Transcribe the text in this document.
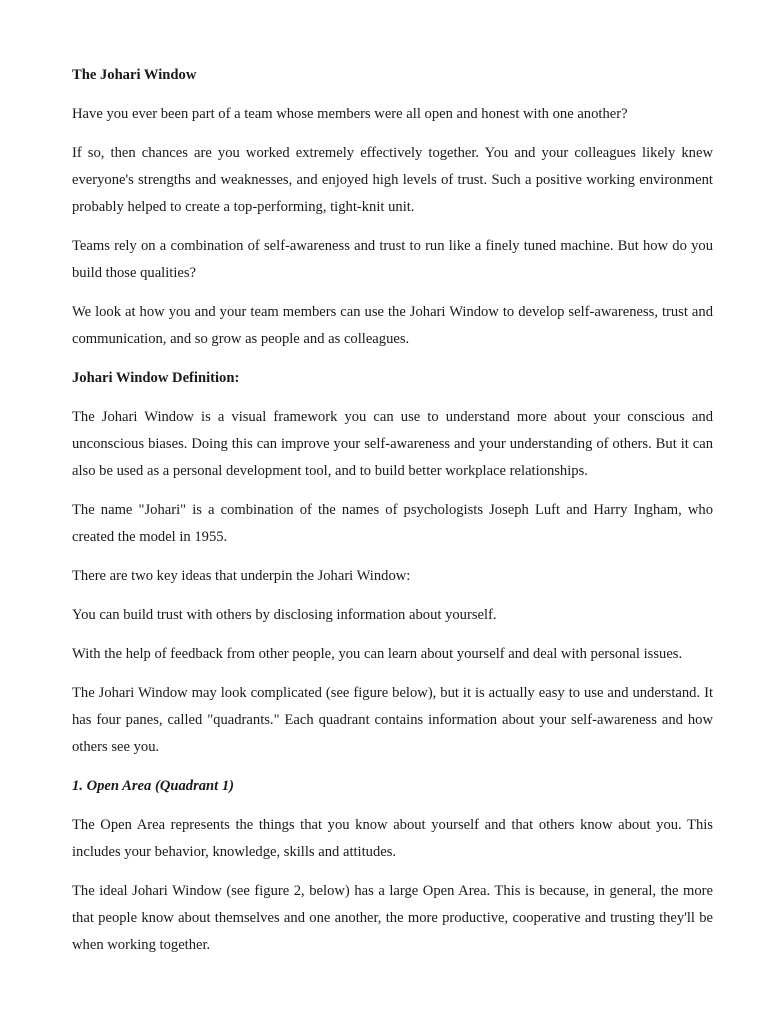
The Johari Window

Have you ever been part of a team whose members were all open and honest with one another?

If so, then chances are you worked extremely effectively together. You and your colleagues likely knew everyone's strengths and weaknesses, and enjoyed high levels of trust. Such a positive working environment probably helped to create a top-performing, tight-knit unit.

Teams rely on a combination of self-awareness and trust to run like a finely tuned machine. But how do you build those qualities?

We look at how you and your team members can use the Johari Window to develop self-awareness, trust and communication, and so grow as people and as colleagues.

Johari Window Definition:

The Johari Window is a visual framework you can use to understand more about your conscious and unconscious biases. Doing this can improve your self-awareness and your understanding of others. But it can also be used as a personal development tool, and to build better workplace relationships.

The name "Johari" is a combination of the names of psychologists Joseph Luft and Harry Ingham, who created the model in 1955.

There are two key ideas that underpin the Johari Window:

You can build trust with others by disclosing information about yourself.

With the help of feedback from other people, you can learn about yourself and deal with personal issues.

The Johari Window may look complicated (see figure below), but it is actually easy to use and understand. It has four panes, called "quadrants." Each quadrant contains information about your self-awareness and how others see you.

1. Open Area (Quadrant 1)

The Open Area represents the things that you know about yourself and that others know about you. This includes your behavior, knowledge, skills and attitudes.

The ideal Johari Window (see figure 2, below) has a large Open Area. This is because, in general, the more that people know about themselves and one another, the more productive, cooperative and trusting they'll be when working together.
